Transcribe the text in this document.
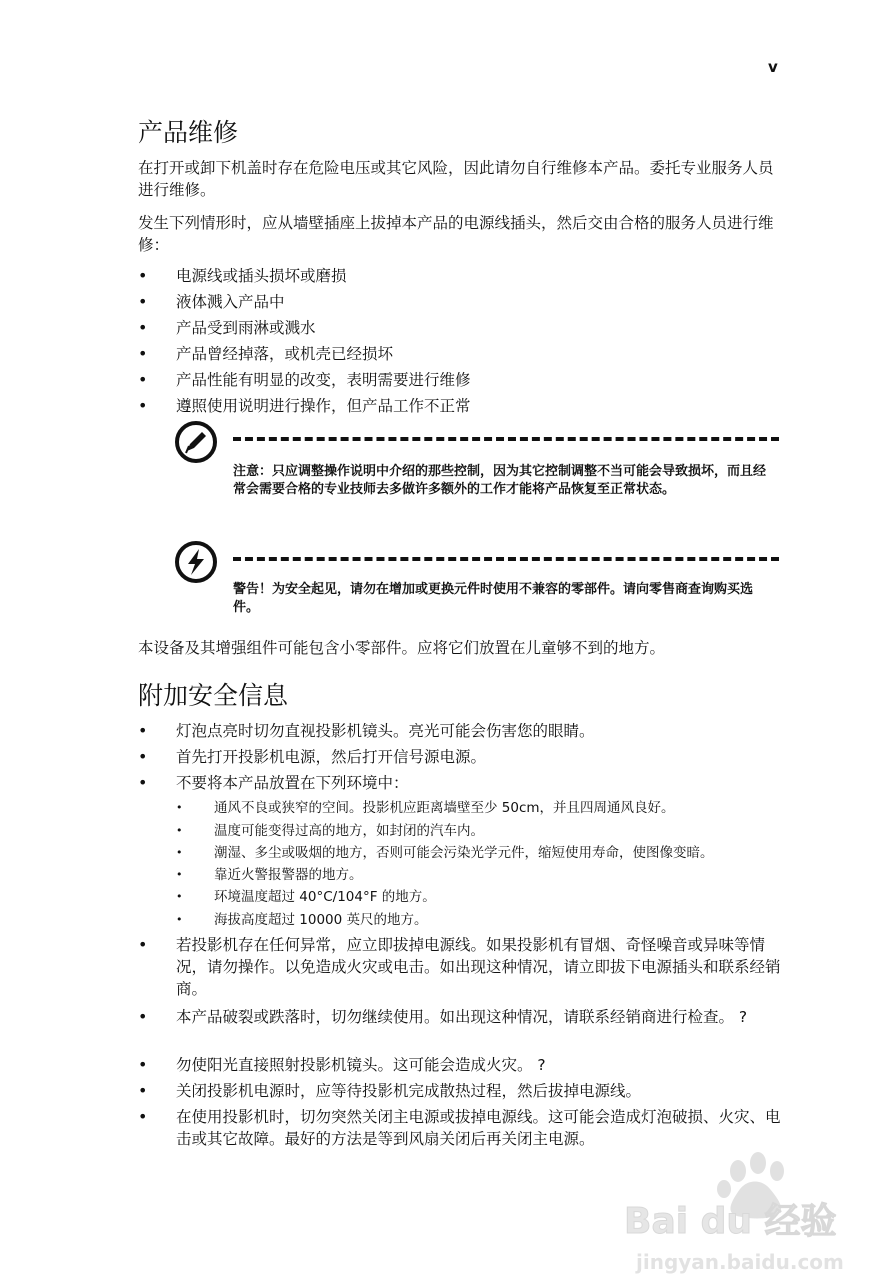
v
产品维修

在打开或卸下机盖时存在危险电压或其它风险，因此请勿自行维修本产品。委托专业服务人员进行维修。

发生下列情形时，应从墙壁插座上拔掉本产品的电源线插头，然后交由合格的服务人员进行维修：

• 电源线或插头损坏或磨损
• 液体溅入产品中
• 产品受到雨淋或溅水
• 产品曾经掉落，或机壳已经损坏
• 产品性能有明显的改变，表明需要进行维修
• 遵照使用说明进行操作，但产品工作不正常

注意：只应调整操作说明中介绍的那些控制，因为其它控制调整不当可能会导致损坏，而且经常会需要合格的专业技师去多做许多额外的工作才能将产品恢复至正常状态。

警告！为安全起见，请勿在增加或更换元件时使用不兼容的零部件。请向零售商查询购买选件。

本设备及其增强组件可能包含小零部件。应将它们放置在儿童够不到的地方。

附加安全信息
• 灯泡点亮时切勿直视投影机镜头。亮光可能会伤害您的眼睛。
• 首先打开投影机电源，然后打开信号源电源。
• 不要将本产品放置在下列环境中：
• 通风不良或狭窄的空间。投影机应距离墙壁至少 50cm，并且四周通风良好。
• 温度可能变得过高的地方，如封闭的汽车内。
• 潮湿、多尘或吸烟的地方，否则可能会污染光学元件，缩短使用寿命，使图像变暗。
• 靠近火警报警器的地方。
• 环境温度超过 40°C/104°F 的地方。
• 海拔高度超过 10000 英尺的地方。
• 若投影机存在任何异常，应立即拔掉电源线。如果投影机有冒烟、奇怪噪音或异味等情况，请勿操作。以免造成火灾或电击。如出现这种情况，请立即拔下电源插头和联系经销商。
• 本产品破裂或跌落时，切勿继续使用。如出现这种情况，请联系经销商进行检查。 ?
• 勿使阳光直接照射投影机镜头。这可能会造成火灾。 ?
• 关闭投影机电源时，应等待投影机完成散热过程，然后拔掉电源线。
• 在使用投影机时，切勿突然关闭主电源或拔掉电源线。这可能会造成灯泡破损、火灾、电击或其它故障。最好的方法是等到风扇关闭后再关闭主电源。
Bai du 经验
jingyan.baidu.com
